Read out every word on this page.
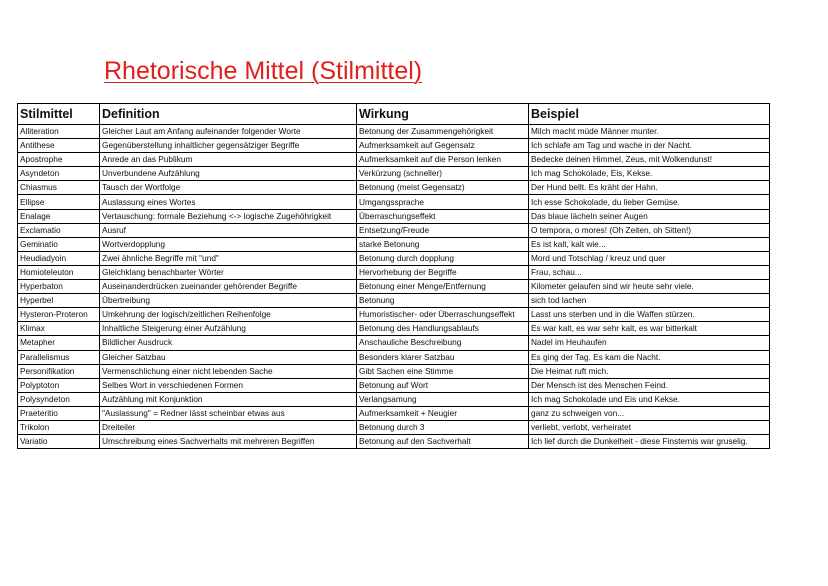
Rhetorische Mittel (Stilmittel)
Stilmittel	Definition	Wirkung	Beispiel
Alliteration	Gleicher Laut am Anfang aufeinander folgender Worte	Betonung der Zusammengehörigkeit	Milch macht müde Männer munter.
Antithese	Gegenüberstellung inhaltlicher gegensätziger Begriffe	Aufmerksamkeit auf Gegensatz	Ich schlafe am Tag und wache in der Nacht.
Apostrophe	Anrede an das Publikum	Aufmerksamkeit auf die Person lenken	Bedecke deinen Himmel, Zeus, mit Wolkendunst!
Asyndeton	Unverbundene Aufzählung	Verkürzung (schneller)	Ich mag Schokolade, Eis, Kekse.
Chiasmus	Tausch der Wortfolge	Betonung (meist Gegensatz)	Der Hund bellt. Es kräht der Hahn.
Ellipse	Auslassung eines Wortes	Umgangssprache	Ich esse Schokolade, du lieber Gemüse.
Enalage	Vertauschung: formale Beziehung <-> logische Zugehöhrigkeit	Überraschungseffekt	Das blaue lächeln seiner Augen
Exclamatio	Ausruf	Entsetzung/Freude	O tempora, o mores! (Oh Zeiten, oh Sitten!)
Geminatio	Wortverdopplung	starke Betonung	Es ist kalt, kalt wie...
Heudiadyoin	Zwei ähnliche Begriffe mit "und"	Betonung durch dopplung	Mord und Totschlag / kreuz und quer
Homioteleuton	Gleichklang benachbarter Wörter	Hervorhebung der Begriffe	Frau, schau...
Hyperbaton	Auseinanderdrücken zueinander gehörender Begriffe	Betonung einer Menge/Entfernung	Kilometer gelaufen sind wir heute sehr viele.
Hyperbel	Übertreibung	Betonung	sich tod lachen
Hysteron-Proteron	Umkehrung der logisch/zeitlichen Reihenfolge	Humoristischer- oder Überraschungseffekt	Lasst uns sterben und in die Waffen stürzen.
Klimax	Inhaltliche Steigerung einer Aufzählung	Betonung des Handlungsablaufs	Es war kalt, es war sehr kalt, es war bitterkalt
Metapher	Bildlicher Ausdruck	Anschauliche Beschreibung	Nadel im Heuhaufen
Parallelismus	Gleicher Satzbau	Besonders klarer Satzbau	Es ging der Tag. Es kam die Nacht.
Personifikation	Vermenschlichung einer nicht lebenden Sache	Gibt Sachen eine Stimme	Die Heimat ruft mich.
Polyptoton	Selbes Wort in verschiedenen Formen	Betonung auf Wort	Der Mensch ist des Menschen Feind.
Polysyndeton	Aufzählung mit Konjunktion	Verlangsamung	Ich mag Schokolade und Eis und Kekse.
Praeteritio	"Auslassung" = Redner lässt scheinbar etwas aus	Aufmerksamkeit + Neugier	ganz zu schweigen von...
Trikolon	Dreiteiler	Betonung durch 3	verliebt, verlobt, verheiratet
Variatio	Umschreibung eines Sachverhalts mit mehreren Begriffen	Betonung auf den Sachverhalt	Ich lief durch die Dunkelheit - diese Finsternis war gruselig.
